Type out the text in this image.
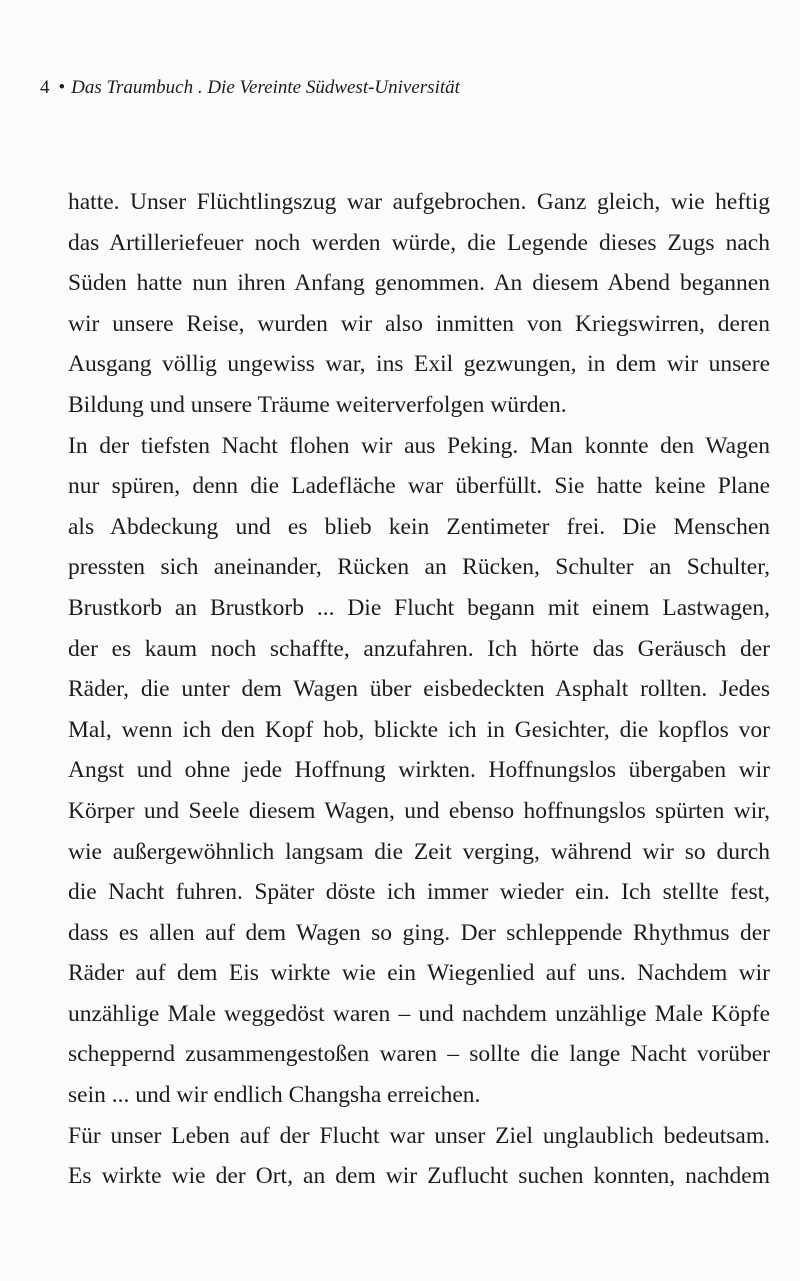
4 • Das Traumbuch . Die Vereinte Südwest-Universität
hatte. Unser Flüchtlingszug war aufgebrochen. Ganz gleich, wie heftig
das Artilleriefeuer noch werden würde, die Legende dieses Zugs nach
Süden hatte nun ihren Anfang genommen. An diesem Abend begannen
wir unsere Reise, wurden wir also inmitten von Kriegswirren, deren
Ausgang völlig ungewiss war, ins Exil gezwungen, in dem wir unsere
Bildung und unsere Träume weiterverfolgen würden.
In der tiefsten Nacht flohen wir aus Peking. Man konnte den Wagen
nur spüren, denn die Ladefläche war überfüllt. Sie hatte keine Plane
als Abdeckung und es blieb kein Zentimeter frei. Die Menschen
pressten sich aneinander, Rücken an Rücken, Schulter an Schulter,
Brustkorb an Brustkorb ... Die Flucht begann mit einem Lastwagen,
der es kaum noch schaffte, anzufahren. Ich hörte das Geräusch der
Räder, die unter dem Wagen über eisbedeckten Asphalt rollten. Jedes
Mal, wenn ich den Kopf hob, blickte ich in Gesichter, die kopflos vor
Angst und ohne jede Hoffnung wirkten. Hoffnungslos übergaben wir
Körper und Seele diesem Wagen, und ebenso hoffnungslos spürten wir,
wie außergewöhnlich langsam die Zeit verging, während wir so durch
die Nacht fuhren. Später döste ich immer wieder ein. Ich stellte fest,
dass es allen auf dem Wagen so ging. Der schleppende Rhythmus der
Räder auf dem Eis wirkte wie ein Wiegenlied auf uns. Nachdem wir
unzählige Male weggedöst waren – und nachdem unzählige Male Köpfe
scheppernd zusammengestoßen waren – sollte die lange Nacht vorüber
sein ... und wir endlich Changsha erreichen.
Für unser Leben auf der Flucht war unser Ziel unglaublich bedeutsam.
Es wirkte wie der Ort, an dem wir Zuflucht suchen konnten, nachdem
